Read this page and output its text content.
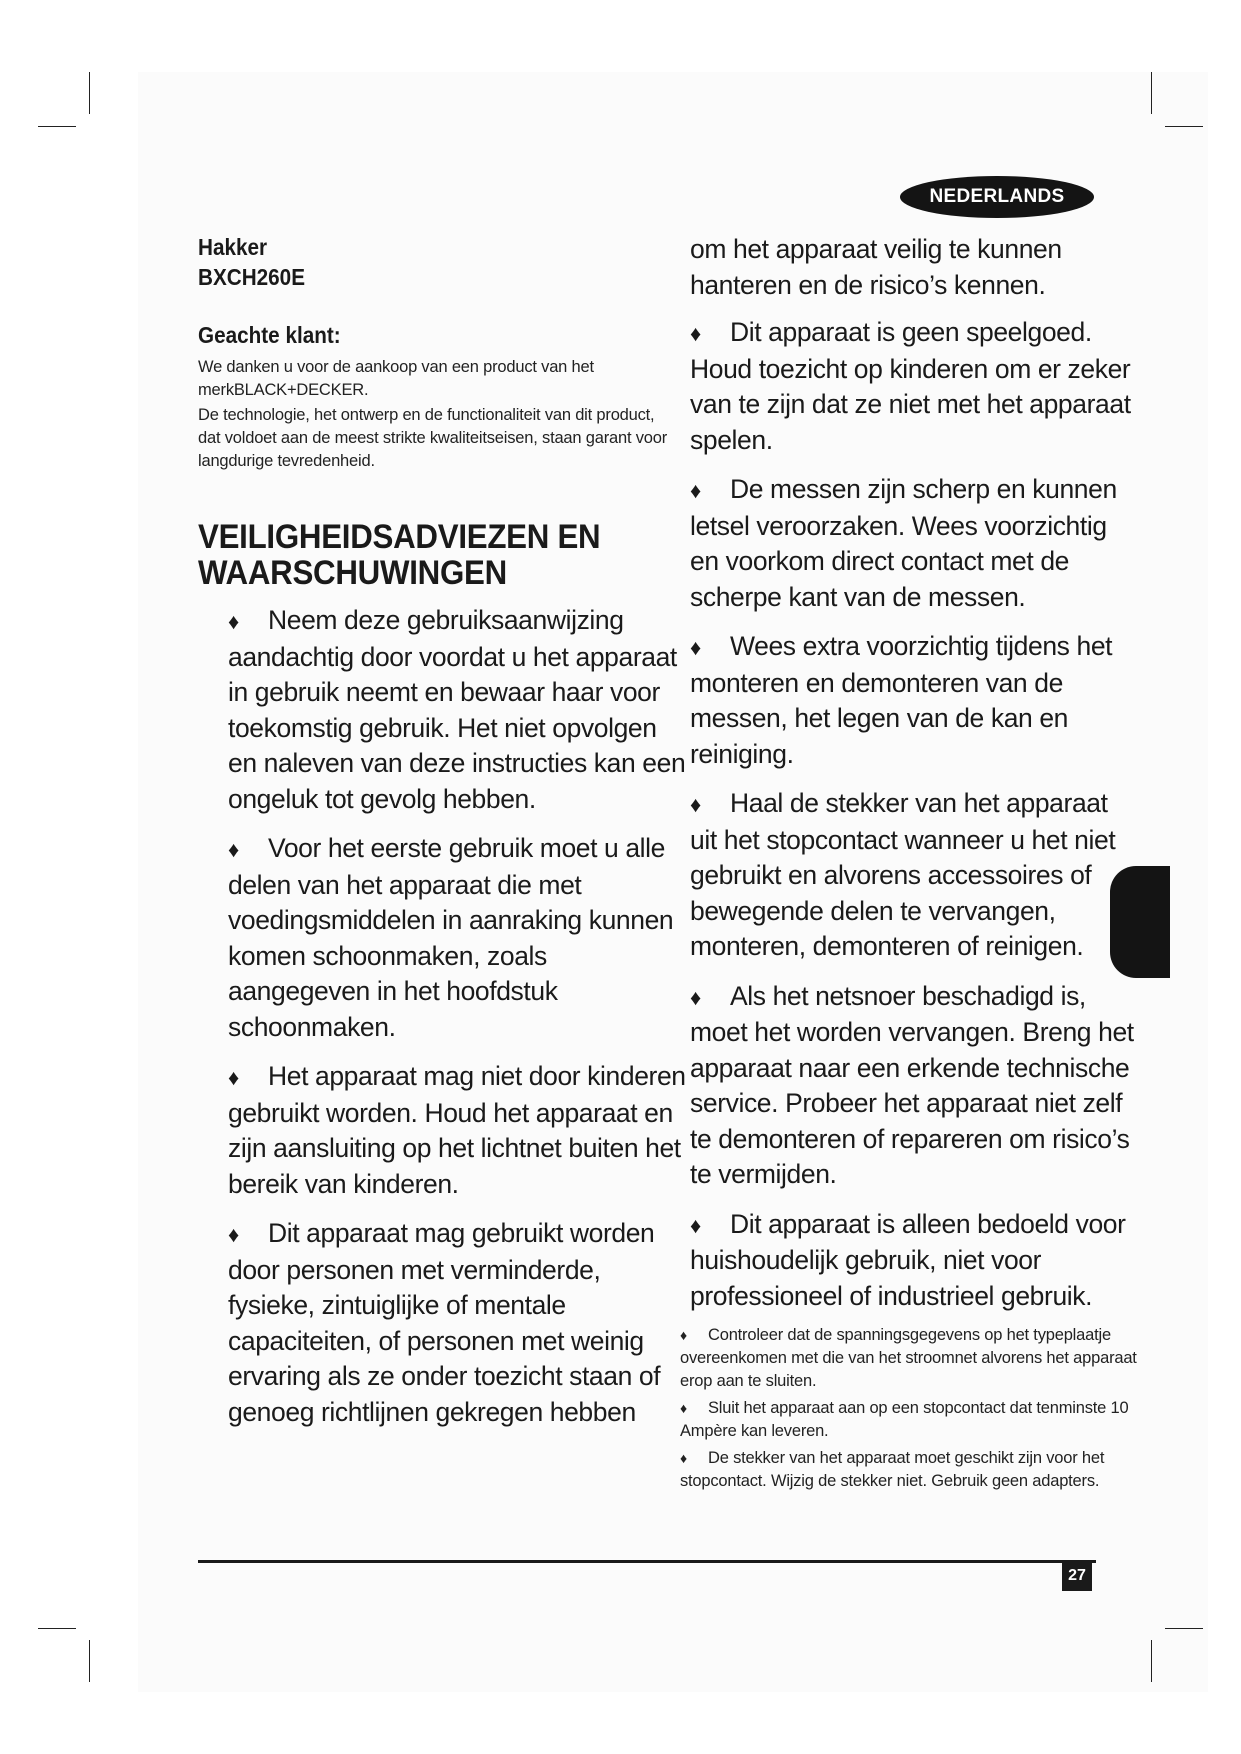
NEDERLANDS
Hakker
BXCH260E
Geachte klant:

We danken u voor de aankoop van een product van het merkBLACK+DECKER.

De technologie, het ontwerp en de functionaliteit van dit product, dat voldoet aan de meest strikte kwaliteitseisen, staan garant voor langdurige tevredenheid.

VEILIGHEIDSADVIEZEN EN WAARSCHUWINGEN
♦ Neem deze gebruiksaanwijzing aandachtig door voordat u het apparaat in gebruik neemt en bewaar haar voor toekomstig gebruik. Het niet opvolgen en naleven van deze instructies kan een ongeluk tot gevolg hebben.
♦ Voor het eerste gebruik moet u alle delen van het apparaat die met voedingsmiddelen in aanraking kunnen komen schoonmaken, zoals aangegeven in het hoofdstuk schoonmaken.
♦ Het apparaat mag niet door kinderen gebruikt worden. Houd het apparaat en zijn aansluiting op het lichtnet buiten het bereik van kinderen.
♦ Dit apparaat mag gebruikt worden door personen met verminderde, fysieke, zintuiglijke of mentale capaciteiten, of personen met weinig ervaring als ze onder toezicht staan of genoeg richtlijnen gekregen hebben
om het apparaat veilig te kunnen hanteren en de risico’s kennen.
♦ Dit apparaat is geen speelgoed. Houd toezicht op kinderen om er zeker van te zijn dat ze niet met het apparaat spelen.
♦ De messen zijn scherp en kunnen letsel veroorzaken. Wees voorzichtig en voorkom direct contact met de scherpe kant van de messen.
♦ Wees extra voorzichtig tijdens het monteren en demonteren van de messen, het legen van de kan en reiniging.
♦ Haal de stekker van het apparaat uit het stopcontact wanneer u het niet gebruikt en alvorens accessoires of bewegende delen te vervangen, monteren, demonteren of reinigen.
♦ Als het netsnoer beschadigd is, moet het worden vervangen. Breng het apparaat naar een erkende technische service. Probeer het apparaat niet zelf te demonteren of repareren om risico’s te vermijden.
♦ Dit apparaat is alleen bedoeld voor huishoudelijk gebruik, niet voor professioneel of industrieel gebruik.
♦ Controleer dat de spanningsgegevens op het typeplaatje overeenkomen met die van het stroomnet alvorens het apparaat erop aan te sluiten.
♦ Sluit het apparaat aan op een stopcontact dat tenminste 10 Ampère kan leveren.
♦ De stekker van het apparaat moet geschikt zijn voor het stopcontact. Wijzig de stekker niet. Gebruik geen adapters.
27
